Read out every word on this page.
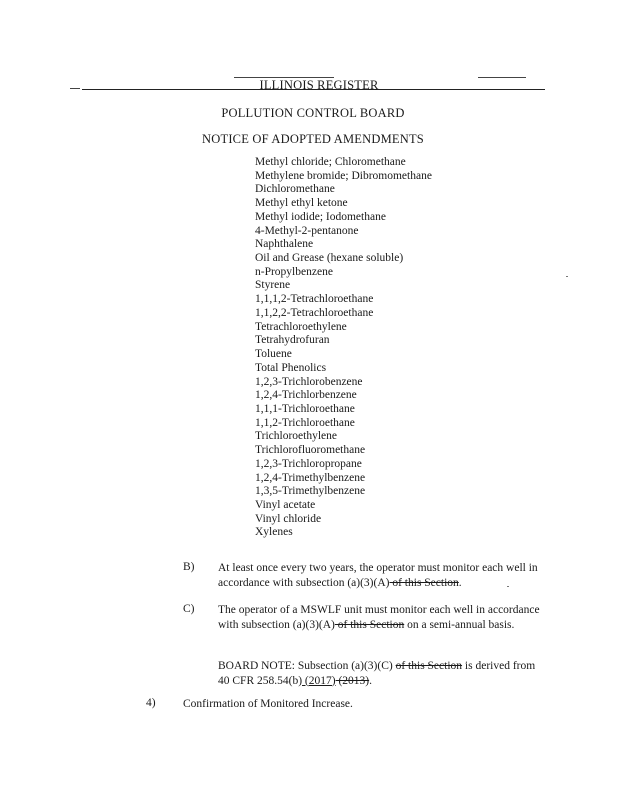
ILLINOIS REGISTER
POLLUTION CONTROL BOARD
NOTICE OF ADOPTED AMENDMENTS
Methyl chloride; Chloromethane
Methylene bromide; Dibromomethane
Dichloromethane
Methyl ethyl ketone
Methyl iodide; Iodomethane
4-Methyl-2-pentanone
Naphthalene
Oil and Grease (hexane soluble)
n-Propylbenzene
Styrene
1,1,1,2-Tetrachloroethane
1,1,2,2-Tetrachloroethane
Tetrachloroethylene
Tetrahydrofuran
Toluene
Total Phenolics
1,2,3-Trichlorobenzene
1,2,4-Trichlorbenzene
1,1,1-Trichloroethane
1,1,2-Trichloroethane
Trichloroethylene
Trichlorofluoromethane
1,2,3-Trichloropropane
1,2,4-Trimethylbenzene
1,3,5-Trimethylbenzene
Vinyl acetate
Vinyl chloride
Xylenes
B) At least once every two years, the operator must monitor each well in accordance with subsection (a)(3)(A) of this Section.
C) The operator of a MSWLF unit must monitor each well in accordance with subsection (a)(3)(A) of this Section on a semi-annual basis.
BOARD NOTE: Subsection (a)(3)(C) of this Section is derived from 40 CFR 258.54(b) (2017) (2013).
4) Confirmation of Monitored Increase.
